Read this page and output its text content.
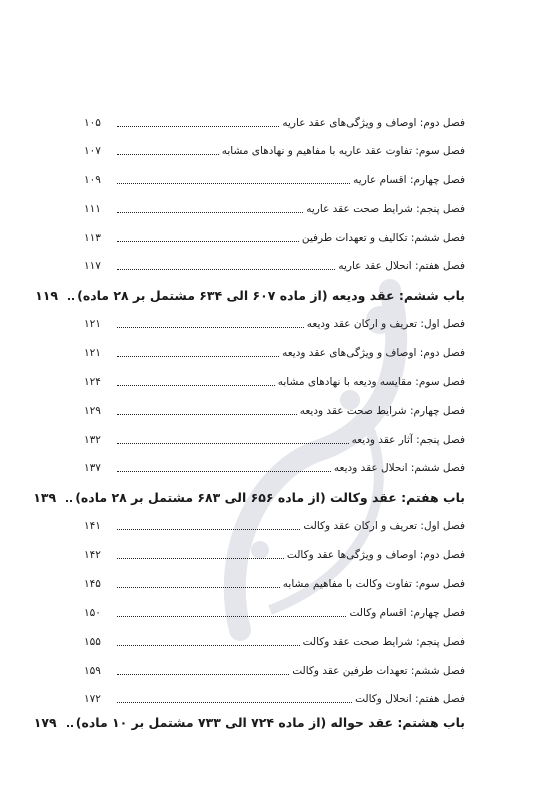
فصل دوم: اوصاف و ویژگی‌های عقد عاریه
۱۰۵
فصل سوم: تفاوت عقد عاریه با مفاهیم و نهادهای مشابه
۱۰۷
فصل چهارم: اقسام عاریه
۱۰۹
فصل پنجم: شرایط صحت عقد عاریه
۱۱۱
فصل ششم: تکالیف و تعهدات طرفین
۱۱۳
فصل هفتم: انحلال عقد عاریه
۱۱۷
باب ششم: عقد ودیعه (از ماده ۶۰۷ الی ۶۳۴ مشتمل بر ۲۸ ماده)
۱۱۹
فصل اول: تعریف و ارکان عقد ودیعه
۱۲۱
فصل دوم: اوصاف و ویژگی‌های عقد ودیعه
۱۲۱
فصل سوم: مقایسه ودیعه با نهادهای مشابه
۱۲۴
فصل چهارم: شرایط صحت عقد ودیعه
۱۲۹
فصل پنجم: آثار عقد ودیعه
۱۳۲
فصل ششم: انحلال عقد ودیعه
۱۳۷
باب هفتم: عقد وکالت (از ماده ۶۵۶ الی ۶۸۳ مشتمل بر ۲۸ ماده)
۱۳۹
فصل اول: تعریف و ارکان عقد وکالت
۱۴۱
فصل دوم: اوصاف و ویژگی‌ها عقد وکالت
۱۴۲
فصل سوم: تفاوت وکالت با مفاهیم مشابه
۱۴۵
فصل چهارم: اقسام وکالت
۱۵۰
فصل پنجم: شرایط صحت عقد وکالت
۱۵۵
فصل ششم: تعهدات طرفین عقد وکالت
۱۵۹
فصل هفتم: انحلال وکالت
۱۷۲
باب هشتم: عقد حواله (از ماده ۷۲۴ الی ۷۳۳ مشتمل بر ۱۰ ماده)
۱۷۹
